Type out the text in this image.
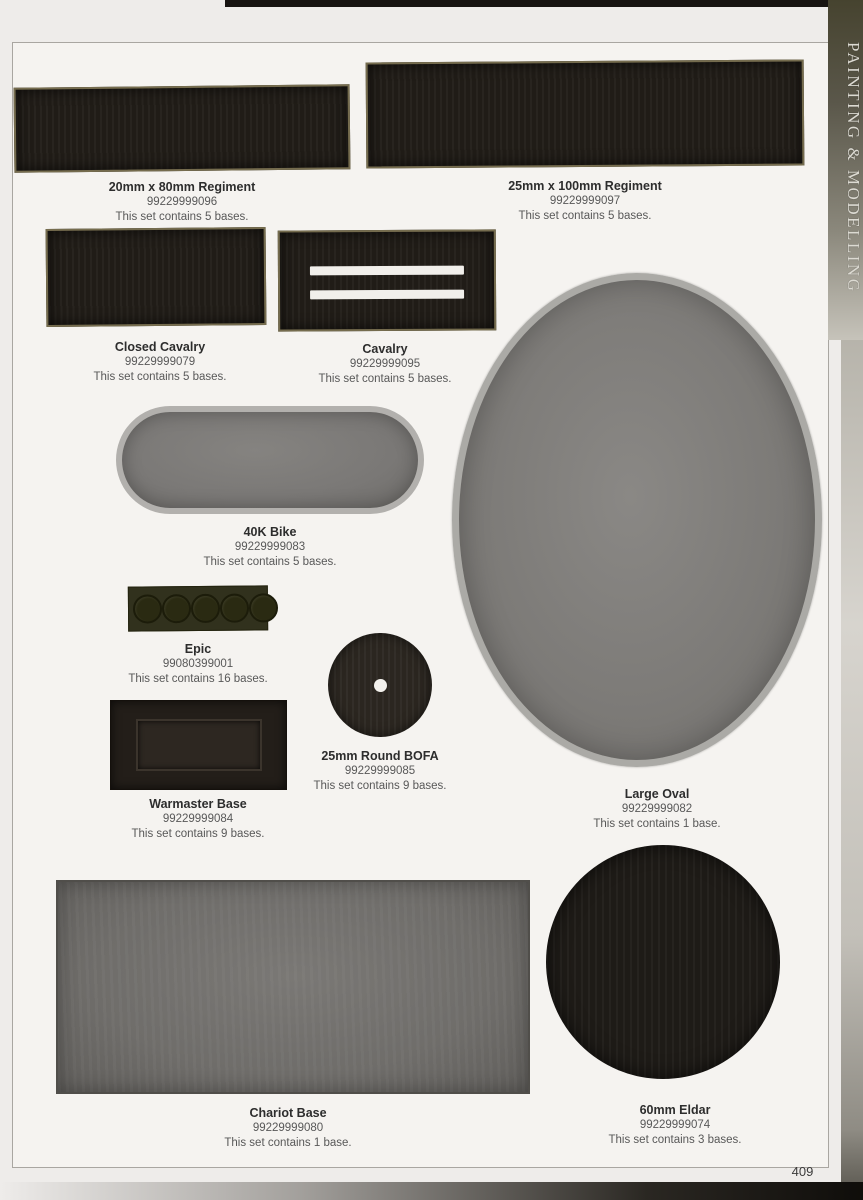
20mm x 80mm Regiment
99229999096
This set contains 5 bases.
25mm x 100mm Regiment
99229999097
This set contains 5 bases.
Closed Cavalry
99229999079
This set contains 5 bases.
Cavalry
99229999095
This set contains 5 bases.
40K Bike
99229999083
This set contains 5 bases.
Epic
99080399001
This set contains 16 bases.
25mm Round BOFA
99229999085
This set contains 9 bases.
Warmaster Base
99229999084
This set contains 9 bases.
Large Oval
99229999082
This set contains 1 base.
Chariot Base
99229999080
This set contains 1 base.
60mm Eldar
99229999074
This set contains 3 bases.
PAINTING & MODELLING
409
